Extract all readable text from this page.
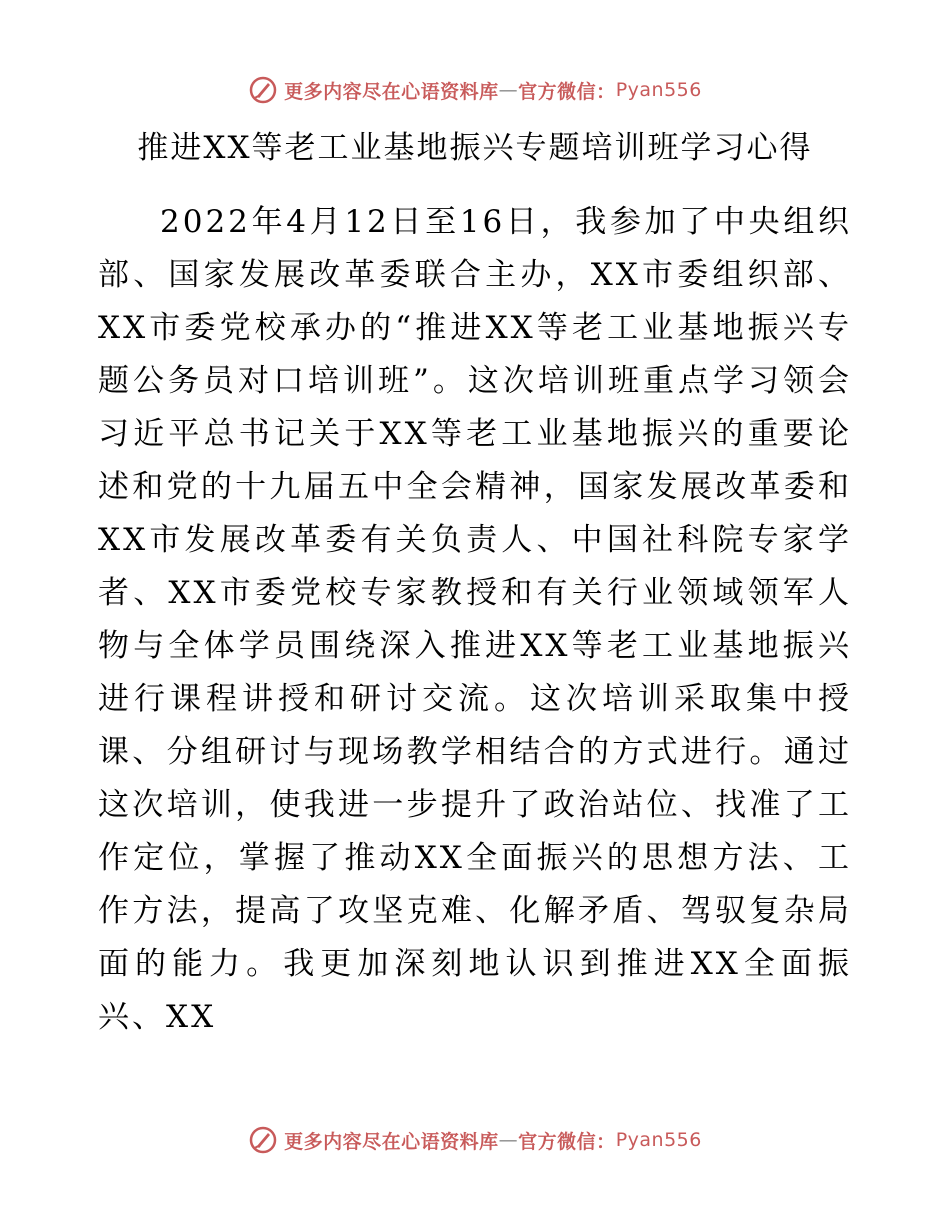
更多内容尽在心语资料库 — 官方微信： Pyan556
推进XX等老工业基地振兴专题培训班学习心得

2022年4月12日至16日，我参加了中央组织部、国家发展改革委联合主办，XX市委组织部、XX市委党校承办的“推进XX等老工业基地振兴专题公务员对口培训班”。这次培训班重点学习领会习近平总书记关于XX等老工业基地振兴的重要论述和党的十九届五中全会精神，国家发展改革委和XX市发展改革委有关负责人、中国社科院专家学者、XX市委党校专家教授和有关行业领域领军人物与全体学员围绕深入推进XX等老工业基地振兴进行课程讲授和研讨交流。这次培训采取集中授课、分组研讨与现场教学相结合的方式进行。通过这次培训，使我进一步提升了政治站位、找准了工作定位，掌握了推动XX全面振兴的思想方法、工作方法，提高了攻坚克难、化解矛盾、驾驭复杂局面的能力。我更加深刻地认识到推进XX全面振兴、XX

更多内容尽在心语资料库 — 官方微信： Pyan556
